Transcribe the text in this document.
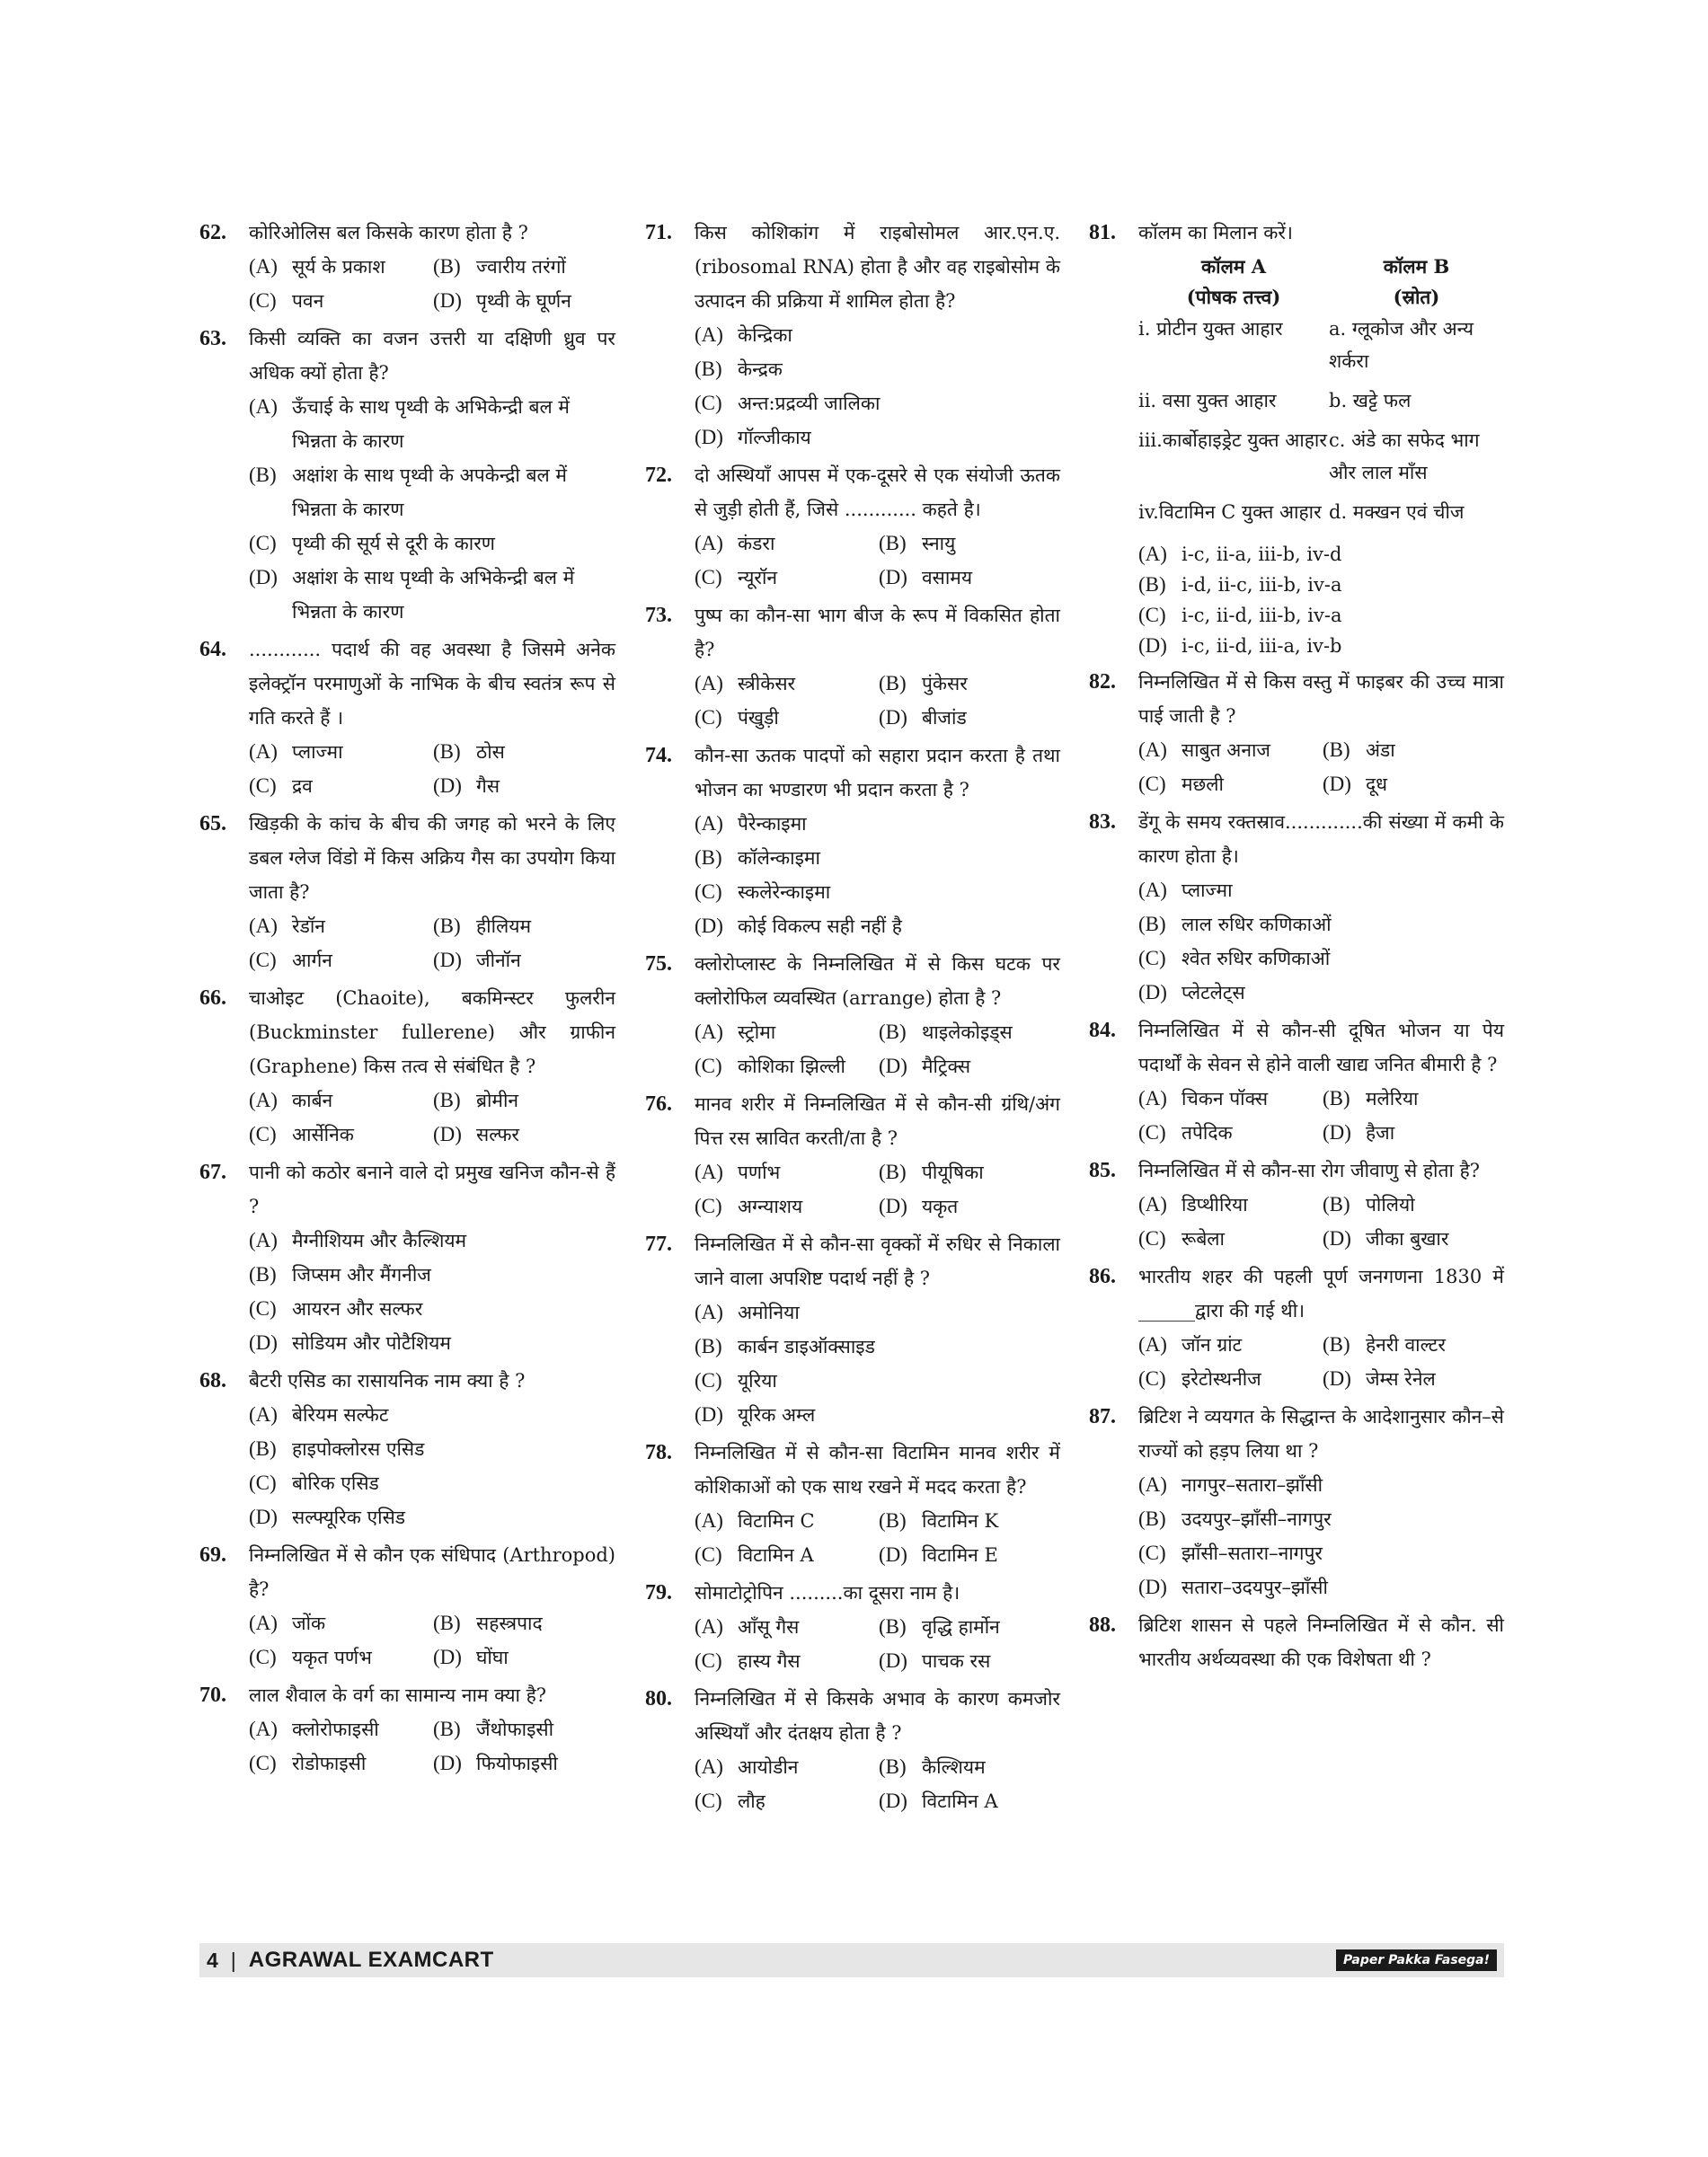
62. कोरिओलिस बल किसके कारण होता है ?
(A) सूर्य के प्रकाश (B) ज्वारीय तरंगों
(C) पवन	(D) पृथ्वी के घूर्णन
63. किसी व्यक्ति का वजन उत्तरी या दक्षिणी ध्रुव पर अधिक क्यों होता है?
(A) ऊँचाई के साथ पृथ्वी के अभिकेन्द्री बल में भिन्नता के कारण
(B) अक्षांश के साथ पृथ्वी के अपकेन्द्री बल में भिन्नता के कारण
(C) पृथ्वी की सूर्य से दूरी के कारण
(D) अक्षांश के साथ पृथ्वी के अभिकेन्द्री बल में भिन्नता के कारण
64. ............ पदार्थ की वह अवस्था है जिसमे अनेक इलेक्ट्रॉन परमाणुओं के नाभिक के बीच स्वतंत्र रूप से गति करते हैं ।
(A) प्लाज्मा	(B) ठोस
(C) द्रव	(D) गैस
65. खिड़की के कांच के बीच की जगह को भरने के लिए डबल ग्लेज विंडो में किस अक्रिय गैस का उपयोग किया जाता है?
(A) रेडॉन	(B) हीलियम
(C) आर्गन	(D) जीनॉन
66. चाओइट (Chaoite), बकमिन्स्टर फुलरीन (Buckminster fullerene) और ग्राफीन (Graphene) किस तत्व से संबंधित है ?
(A) कार्बन	(B) ब्रोमीन
(C) आर्सेनिक	(D) सल्फर
67. पानी को कठोर बनाने वाले दो प्रमुख खनिज कौन-से हैं ?
(A) मैग्नीशियम और कैल्शियम
(B) जिप्सम और मैंगनीज
(C) आयरन और सल्फर
(D) सोडियम और पोटैशियम
68. बैटरी एसिड का रासायनिक नाम क्या है ?
(A) बेरियम सल्फेट
(B) हाइपोक्लोरस एसिड
(C) बोरिक एसिड
(D) सल्फ्यूरिक एसिड
69. निम्नलिखित में से कौन एक संधिपाद (Arthropod) है?
(A) जोंक	(B) सहस्त्रपाद
(C) यकृत पर्णभ	(D) घोंघा
70. लाल शैवाल के वर्ग का सामान्य नाम क्या है?
(A) क्लोरोफाइसी	(B) जैंथोफाइसी
(C) रोडोफाइसी	(D) फियोफाइसी
71. किस कोशिकांग में राइबोसोमल आर.एन.ए. (ribosomal RNA) होता है और वह राइबोसोम के उत्पादन की प्रक्रिया में शामिल होता है?
(A) केन्द्रिका
(B) केन्द्रक
(C) अन्त:प्रद्रव्यी जालिका
(D) गॉल्जीकाय
72. दो अस्थियाँ आपस में एक-दूसरे से एक संयोजी ऊतक से जुड़ी होती हैं, जिसे ............ कहते है।
(A) कंडरा	(B) स्नायु
(C) न्यूरॉन	(D) वसामय
73. पुष्प का कौन-सा भाग बीज के रूप में विकसित होता है?
(A) स्त्रीकेसर	(B) पुंकेसर
(C) पंखुड़ी	(D) बीजांड
74. कौन-सा ऊतक पादपों को सहारा प्रदान करता है तथा भोजन का भण्डारण भी प्रदान करता है ?
(A) पैरेन्काइमा
(B) कॉलेन्काइमा
(C) स्कलेरेन्काइमा
(D) कोई विकल्प सही नहीं है
75. क्लोरोप्लास्ट के निम्नलिखित में से किस घटक पर क्लोरोफिल व्यवस्थित (arrange) होता है ?
(A) स्ट्रोमा	(B) थाइलेकोइड्स
(C) कोशिका झिल्ली (D) मैट्रिक्स
76. मानव शरीर में निम्नलिखित में से कौन-सी ग्रंथि/अंग पित्त रस स्रावित करती/ता है ?
(A) पर्णाभ	(B) पीयूषिका
(C) अग्न्याशय	(D) यकृत
77. निम्नलिखित में से कौन-सा वृक्कों में रुधिर से निकाला जाने वाला अपशिष्ट पदार्थ नहीं है ?
(A) अमोनिया
(B) कार्बन डाइऑक्साइड
(C) यूरिया
(D) यूरिक अम्ल
78. निम्नलिखित में से कौन-सा विटामिन मानव शरीर में कोशिकाओं को एक साथ रखने में मदद करता है?
(A) विटामिन C	(B) विटामिन K
(C) विटामिन A	(D) विटामिन E
79. सोमाटोट्रोपिन .........का दूसरा नाम है।
(A) आँसू गैस	(B) वृद्धि हार्मोन
(C) हास्य गैस	(D) पाचक रस
80. निम्नलिखित में से किसके अभाव के कारण कमजोर अस्थियाँ और दंतक्षय होता है ?
(A) आयोडीन	(B) कैल्शियम
(C) लौह	(D) विटामिन A
81. कॉलम का मिलान करें।
कॉलम A
(पोषक तत्त्व)
कॉलम B
(स्रोत)
i. प्रोटीन युक्त आहार	a. ग्लूकोज और अन्य शर्करा
ii. वसा युक्त आहार	b. खट्टे फल
iii.कार्बोहाइड्रेट युक्त आहार c. अंडे का सफेद भाग और लाल माँस
iv.विटामिन C युक्त आहार d. मक्खन एवं चीज
(A) i-c, ii-a, iii-b, iv-d
(B) i-d, ii-c, iii-b, iv-a
(C) i-c, ii-d, iii-b, iv-a
(D) i-c, ii-d, iii-a, iv-b
82. निम्नलिखित में से किस वस्तु में फाइबर की उच्च मात्रा पाई जाती है ?
(A) साबुत अनाज	(B) अंडा
(C) मछली	(D) दूध
83. डेंगू के समय रक्तस्राव.............की संख्या में कमी के कारण होता है।
(A) प्लाज्मा
(B) लाल रुधिर कणिकाओं
(C) श्वेत रुधिर कणिकाओं
(D) प्लेटलेट्स
84. निम्नलिखित में से कौन-सी दूषित भोजन या पेय पदार्थों के सेवन से होने वाली खाद्य जनित बीमारी है ?
(A) चिकन पॉक्स	(B) मलेरिया
(C) तपेदिक	(D) हैजा
85. निम्नलिखित में से कौन-सा रोग जीवाणु से होता है?
(A) डिप्थीरिया	(B) पोलियो
(C) रूबेला	(D) जीका बुखार
86. भारतीय शहर की पहली पूर्ण जनगणना 1830 में ______द्वारा की गई थी।
(A) जॉन ग्रांट	(B) हेनरी वाल्टर
(C) इरेटोस्थनीज	(D) जेम्स रेनेल
87. ब्रिटिश ने व्ययगत के सिद्धान्त के आदेशानुसार कौन–से राज्यों को हड़प लिया था ?
(A) नागपुर–सतारा–झाँसी
(B) उदयपुर–झाँसी–नागपुर
(C) झाँसी–सतारा–नागपुर
(D) सतारा–उदयपुर–झाँसी
88. ब्रिटिश शासन से पहले निम्नलिखित में से कौन. सी भारतीय अर्थव्यवस्था की एक विशेषता थी ?
4 | AGRAWAL EXAMCART	Paper Pakka Fasega!
